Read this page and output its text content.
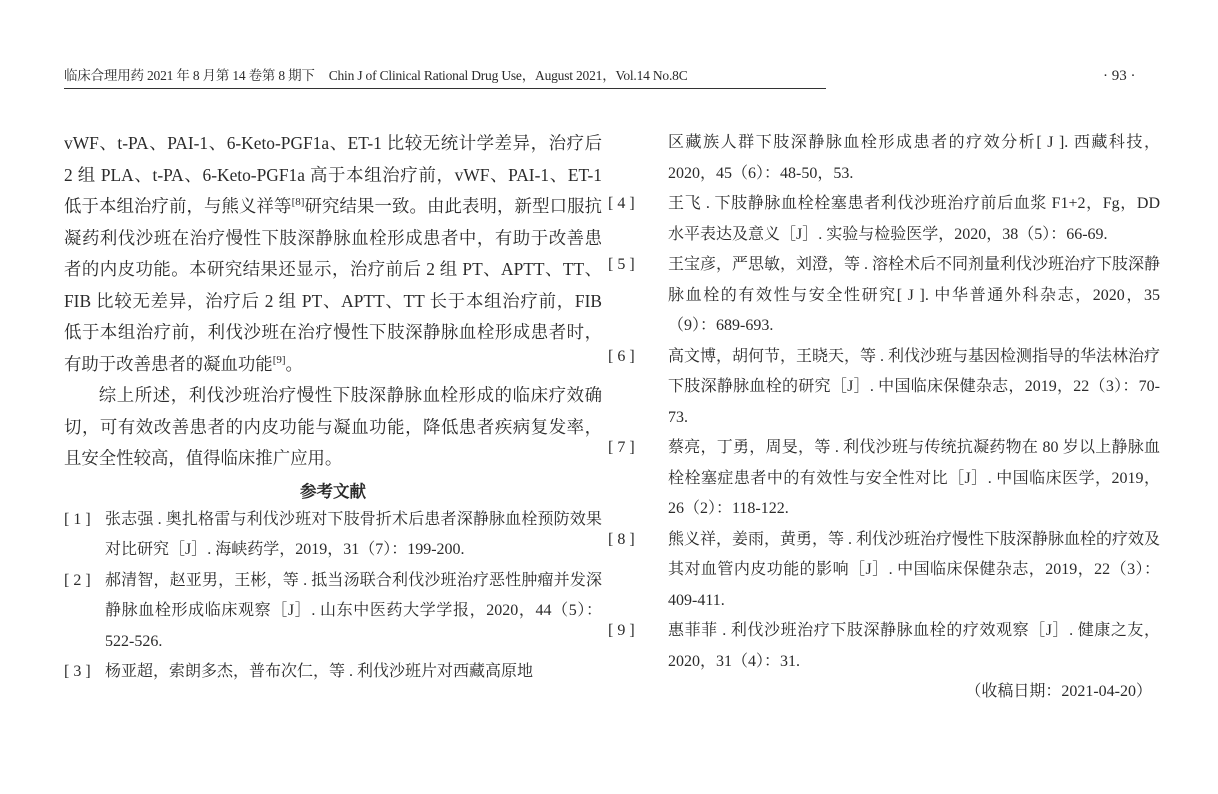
临床合理用药 2021 年 8 月第 14 卷第 8 期下 Chin J of Clinical Rational Drug Use，August 2021，Vol.14 No.8C	· 93 ·

vWF、t-PA、PAI-1、6-Keto-PGF1a、ET-1 比较无统计学差异，治疗后 2 组 PLA、t-PA、6-Keto-PGF1a 高于本组治疗前，vWF、PAI-1、ET-1 低于本组治疗前，与熊义祥等[8]研究结果一致。由此表明，新型口服抗凝药利伐沙班在治疗慢性下肢深静脉血栓形成患者中，有助于改善患者的内皮功能。本研究结果还显示，治疗前后 2 组 PT、APTT、TT、FIB 比较无差异，治疗后 2 组 PT、APTT、TT 长于本组治疗前，FIB 低于本组治疗前，利伐沙班在治疗慢性下肢深静脉血栓形成患者时，有助于改善患者的凝血功能[9]。

综上所述，利伐沙班治疗慢性下肢深静脉血栓形成的临床疗效确切，可有效改善患者的内皮功能与凝血功能，降低患者疾病复发率，且安全性较高，值得临床推广应用。

参考文献
[ 1 ] 张志强 . 奥扎格雷与利伐沙班对下肢骨折术后患者深静脉血栓预防效果对比研究［J］. 海峡药学，2019，31（7）：199-200.
[ 2 ] 郝清智，赵亚男，王彬，等 . 抵当汤联合利伐沙班治疗恶性肿瘤并发深静脉血栓形成临床观察［J］. 山东中医药大学学报，2020，44（5）：522-526.
[ 3 ] 杨亚超，索朗多杰，普布次仁，等 . 利伐沙班片对西藏高原地
区藏族人群下肢深静脉血栓形成患者的疗效分析[ J ]. 西藏科技，2020，45（6）：48-50，53.
[ 4 ] 王飞 . 下肢静脉血栓栓塞患者利伐沙班治疗前后血浆 F1+2，Fg，DD 水平表达及意义［J］. 实验与检验医学，2020，38（5）：66-69.
[ 5 ] 王宝彦，严思敏，刘澄，等 . 溶栓术后不同剂量利伐沙班治疗下肢深静脉血栓的有效性与安全性研究[ J ]. 中华普通外科杂志，2020，35（9）：689-693.
[ 6 ] 高文博，胡何节，王晓天，等 . 利伐沙班与基因检测指导的华法林治疗下肢深静脉血栓的研究［J］. 中国临床保健杂志，2019，22（3）：70-73.
[ 7 ] 蔡亮，丁勇，周旻，等 . 利伐沙班与传统抗凝药物在 80 岁以上静脉血栓栓塞症患者中的有效性与安全性对比［J］. 中国临床医学，2019，26（2）：118-122.
[ 8 ] 熊义祥，姜雨，黄勇，等 . 利伐沙班治疗慢性下肢深静脉血栓的疗效及其对血管内皮功能的影响［J］. 中国临床保健杂志，2019，22（3）：409-411.
[ 9 ] 惠菲菲 . 利伐沙班治疗下肢深静脉血栓的疗效观察［J］. 健康之友，2020，31（4）：31.
（收稿日期：2021-04-20）
